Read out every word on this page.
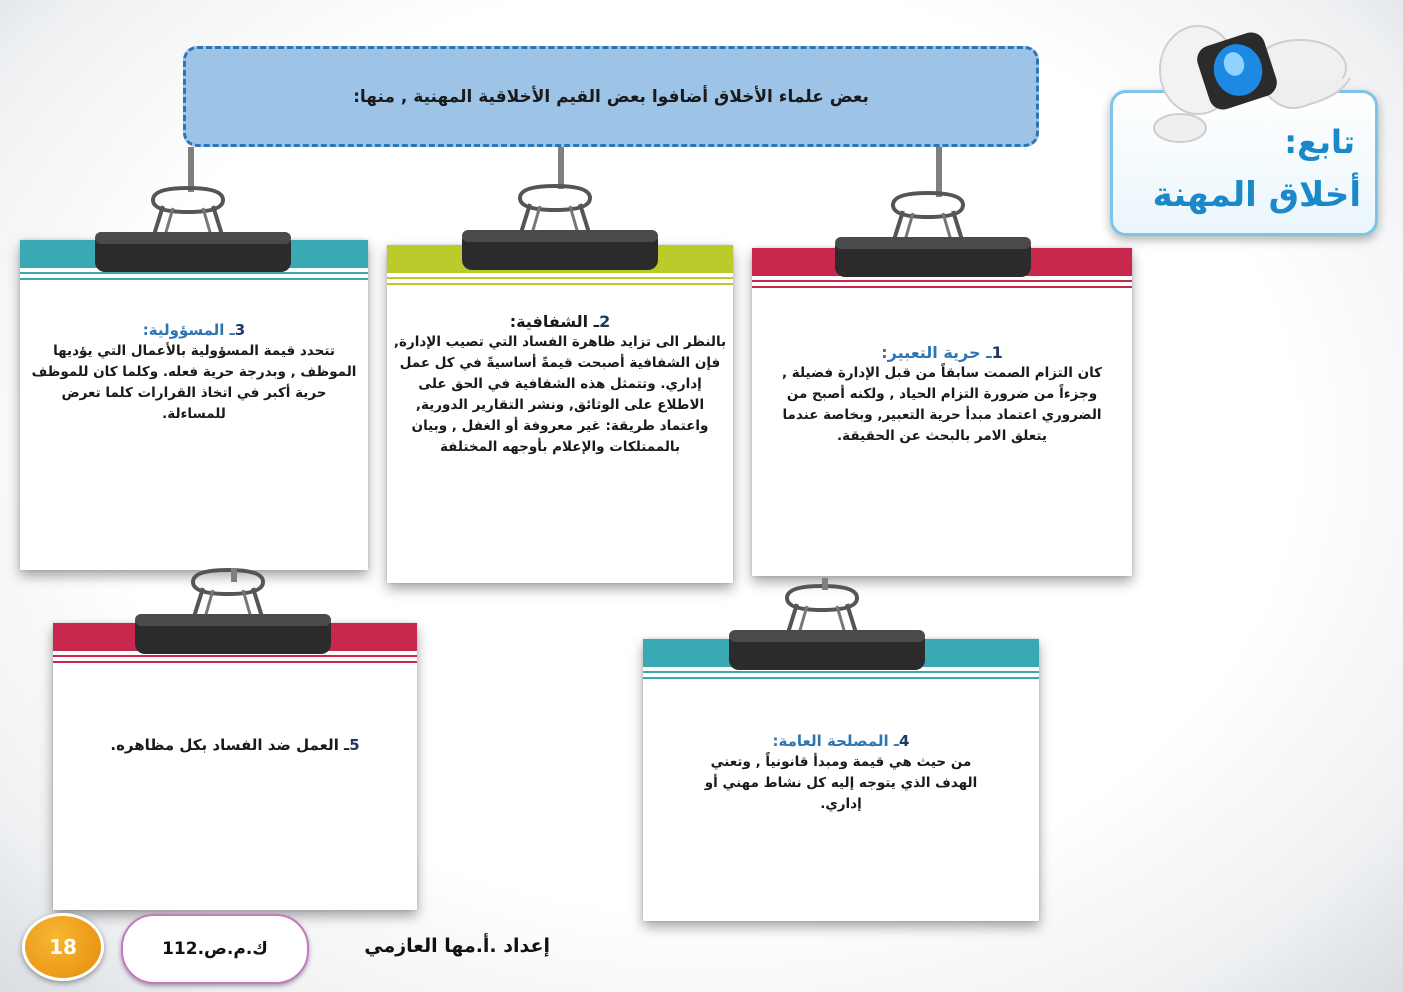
بعض علماء الأخلاق أضافوا بعض القيم الأخلاقية المهنية , منها:
1ـ حرية التعبير:
كان التزام الصمت سابقاً من قبل الإدارة فضيلة , وجزءاً من ضرورة التزام الحياد , ولكنه أصبح من الضروري اعتماد مبدأ حرية التعبير, وبخاصة عندما يتعلق الامر بالبحث عن الحقيقة.
2ـ الشفافية:
بالنظر الى تزايد ظاهرة الفساد التي تصيب الإدارة, فإن الشفافية أصبحت قيمةً أساسيةً في كل عمل إداري. وتتمثل هذه الشفافية في الحق على الاطلاع على الوثائق, ونشر التقارير الدورية, واعتماد طريقة: غير معروفة أو الغفل , وبيان بالممتلكات والإعلام بأوجهه المختلفة
3ـ المسؤولية:
تتحدد قيمة المسؤولية بالأعمال التي يؤديها الموظف , وبدرجة حرية فعله. وكلما كان للموظف حرية أكبر في اتخاذ القرارات كلما تعرض للمساءلة.
4ـ المصلحة العامة:
من حيث هي قيمة ومبدأ قانونياً , وتعني الهدف الذي يتوجه إليه كل نشاط مهني أو إداري.
5ـ العمل ضد الفساد بكل مظاهره.
تابع:
أخلاق المهنة
18	ك.م.ص.112	إعداد .أ.مها العازمي
